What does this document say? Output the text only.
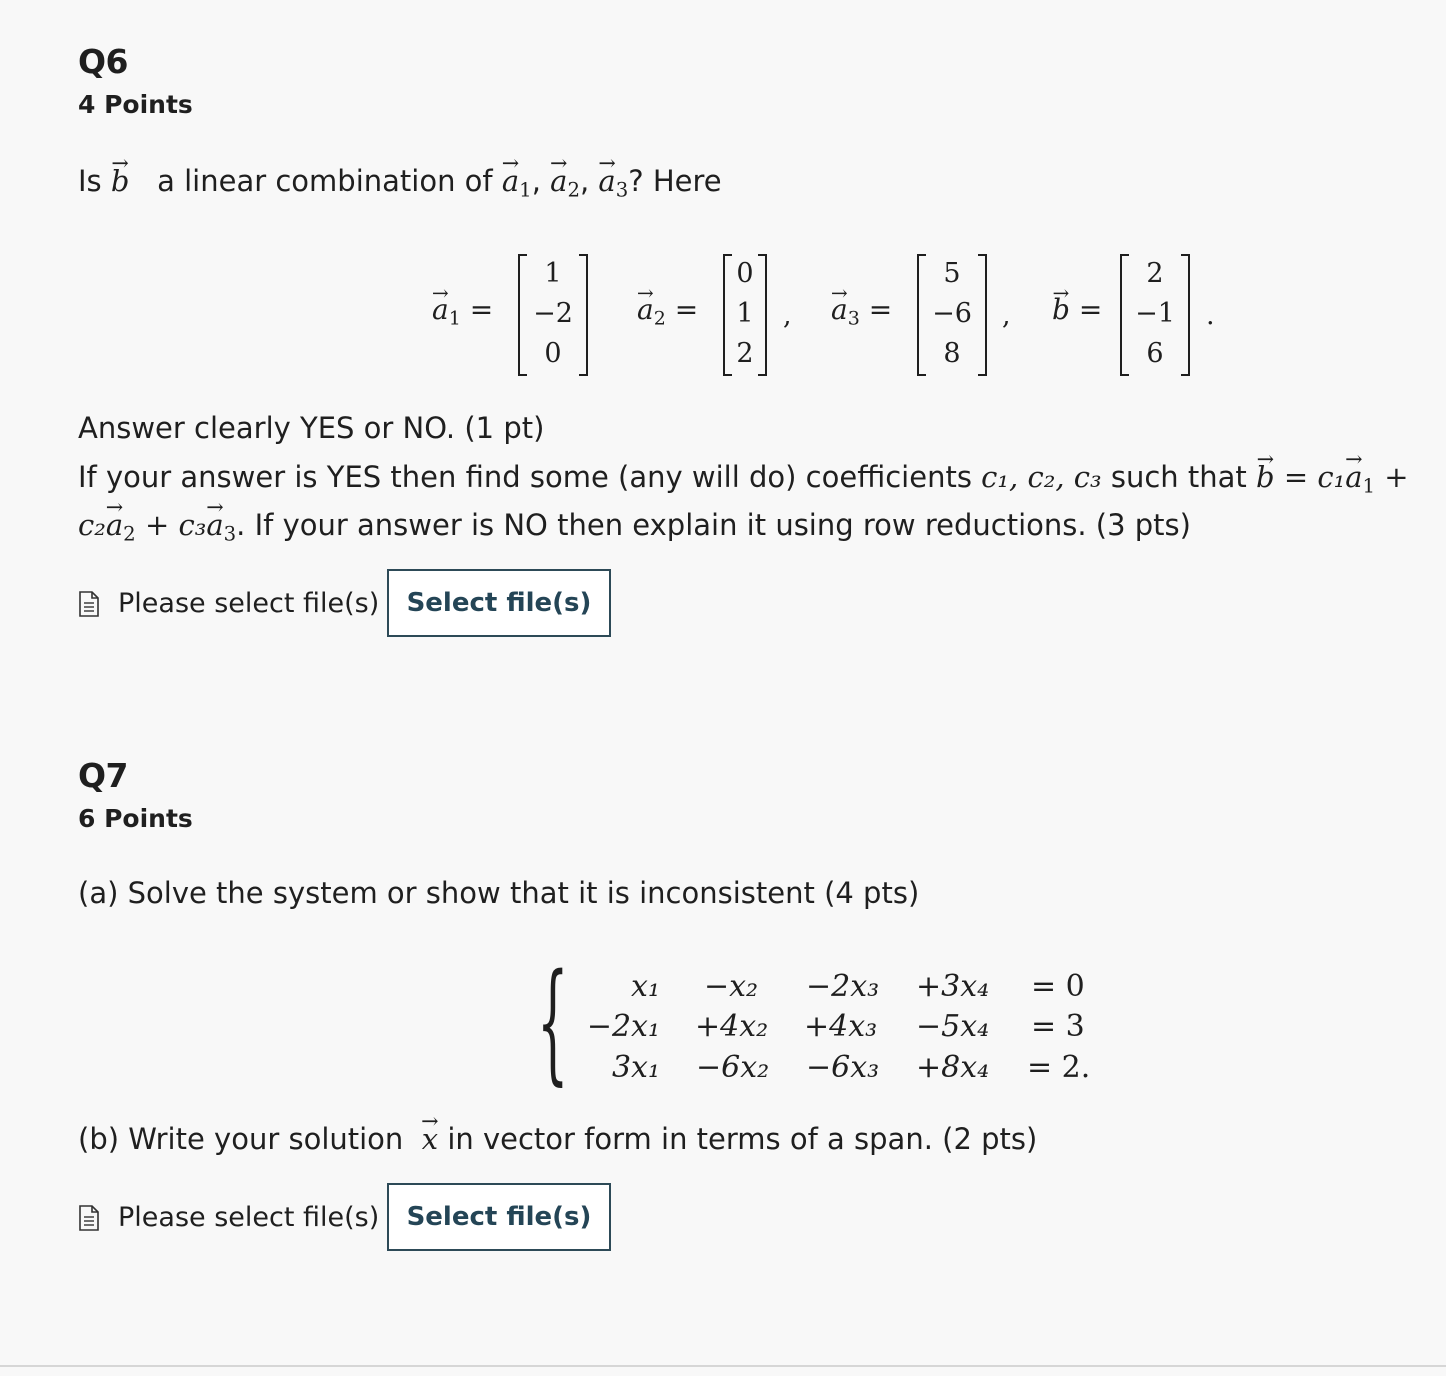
Q6
4 Points
Is → b a linear combination of → $a_1$, → $a_2$, → $a_3$? Here
→ $a_1$ =
1
−2
0
→ $a_2$ =
0
1
2
, → $a_3$ =
5
−6
8
, → b =
2
−1
6
.
Answer clearly YES or NO. (1 pt)
If your answer is YES then find some (any will do) coefficients c₁, c₂, c₃ such that → $b = c_1\to a_1$ +
$c_2\to a_2 + c_3\to a_3$. If your answer is NO then explain it using row reductions. (3 pts)
Please select file(s)	Select file(s)
Q7
6 Points
(a) Solve the system or show that it is inconsistent (4 pts)
{	x₁ −x₂ −2x₃ +3x₄ = 0
−2x₁ +4x₂ +4x₃ −5x₄ = 3
3x₁ −6x₂ −6x₃ +8x₄ = 2.
(b) Write your solution → x in vector form in terms of a span. (2 pts)
Please select file(s)	Select file(s)
